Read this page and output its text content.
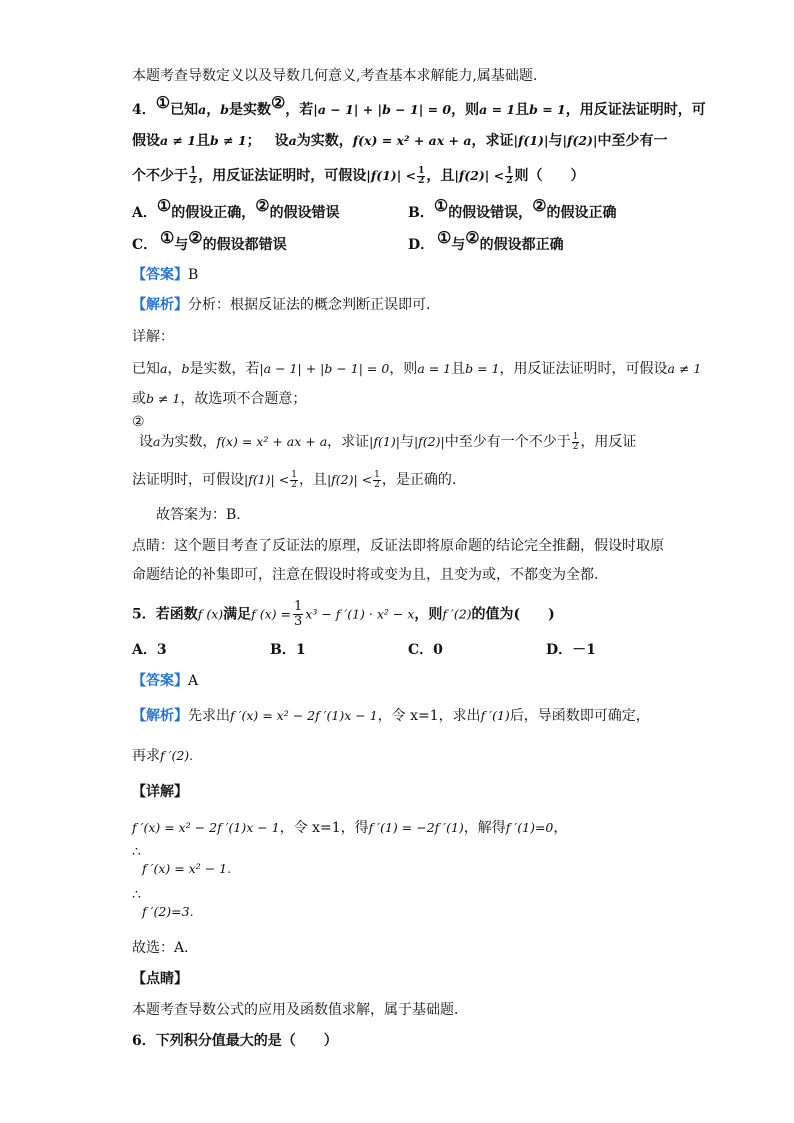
本题考查导数定义以及导数几何意义,考查基本求解能力,属基础题.
4．①已知a，b是实数②，若|a − 1| + |b − 1| = 0，则a = 1且b = 1，用反证法证明时，可
假设a ≠ 1且b ≠ 1；  设a为实数，f(x) = x² + ax + a，求证|f(1)|与|f(2)|中至少有一
个不少于 $\frac{1}{2}$ ，用反证法证明时，可假设$|f(1)| < \frac{1}{2}$ ，且$|f(2)| < \frac{1}{2}$ 则（　　）
A．①的假设正确，②的假设错误	B．①的假设错误，②的假设正确
C．  ①与②的假设都错误	D．  ①与②的假设都正确
【答案】B
【解析】分析：根据反证法的概念判断正误即可.
详解：
已知a，b是实数，若|a − 1| + |b − 1| = 0，则a = 1且b = 1，用反证法证明时，可假设a ≠ 1
或b ≠ 1，故选项不合题意；
②
  设a为实数，f(x) = x² + ax + a，求证|f(1)|与|f(2)|中至少有一个不少于 $\frac{1}{2}$ ，用反证
法证明时，可假设$|f(1)| < \frac{1}{2}$ ，且$|f(2)| < \frac{1}{2}$ ，是正确的.
故答案为：B.
点睛：这个题目考查了反证法的原理，反证法即将原命题的结论完全推翻，假设时取原
命题结论的补集即可，注意在假设时将或变为且，且变为或，不都变为全都.
5．若函数f (x)满足f $(x) = \frac{1}{3} x^3 - f$ ′(1) · x² − x，则f ′(2)的值为(　　)
A．3	B．1	C．0	D．－1
【答案】A
【解析】先求出f ′(x) = x² − 2f ′(1)x − 1，令 x=1，求出f ′(1)后，导函数即可确定，
再求f ′(2).
【详解】
f ′(x) = x² − 2f ′(1)x − 1，令 x=1，得f ′(1) = −2f ′(1)，解得f ′(1)=0，
∴
f ′(x) = x² − 1.
∴
f ′(2)=3.
故选：A．
【点睛】
本题考查导数公式的应用及函数值求解，属于基础题．
6．下列积分值最大的是（　　）
